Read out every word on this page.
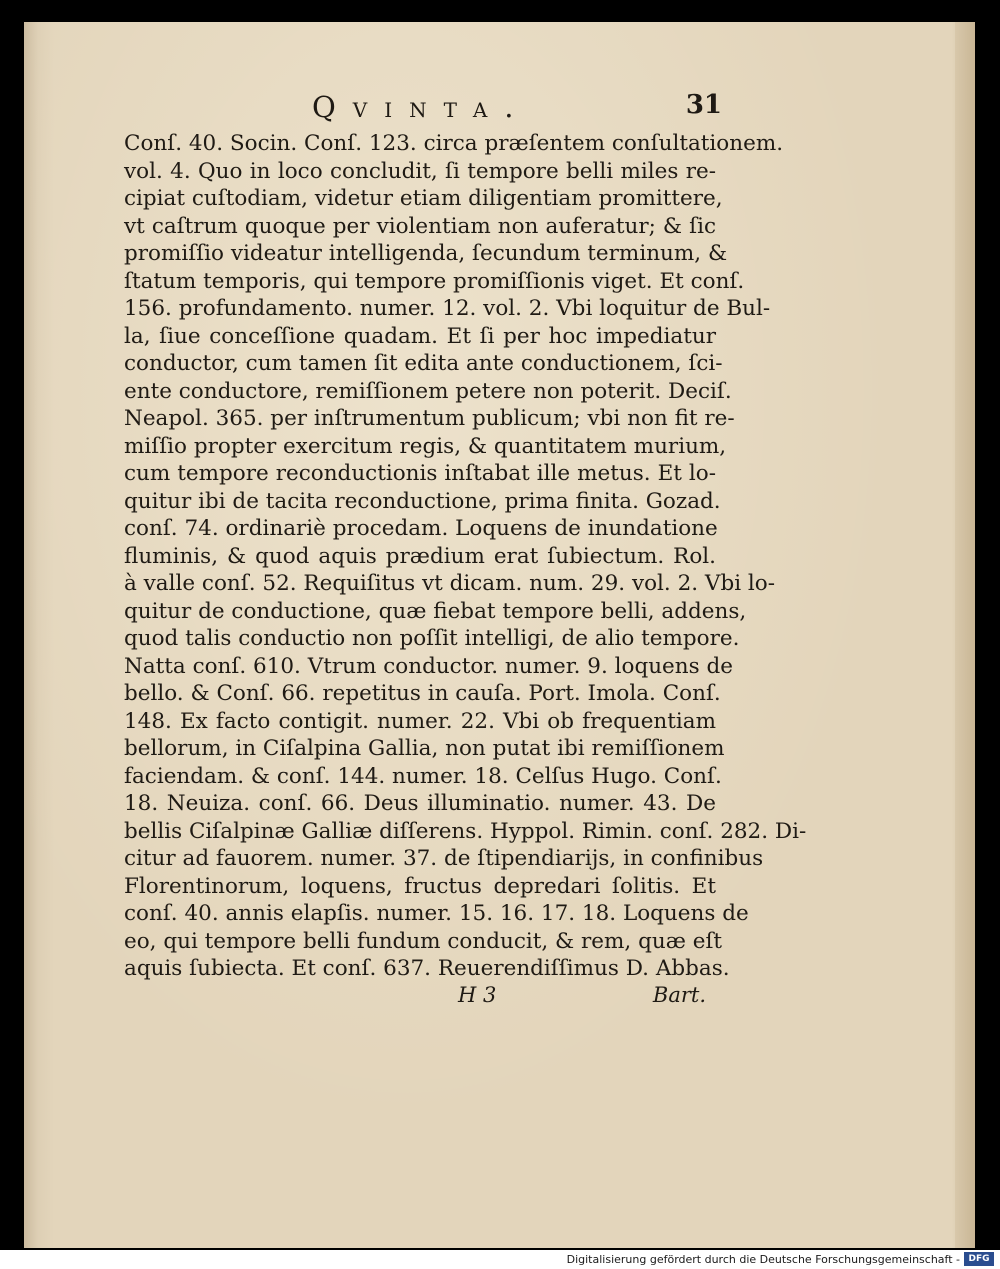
Qvinta.	31
Conſ. 40. Socin. Conſ. 123. circa præſentem conſultationem.
vol. 4. Quo in loco concludit, ſi tempore belli miles re-
cipiat cuſtodiam, videtur etiam diligentiam promittere,
vt caſtrum quoque per violentiam non auferatur; & ſic
promiſſio videatur intelligenda, ſecundum terminum, &
ſtatum temporis, qui tempore promiſſionis viget. Et conſ.
156. profundamento. numer. 12. vol. 2. Vbi loquitur de Bul-
la, ſiue conceſſione quadam. Et ſi per hoc impediatur
conductor, cum tamen ſit edita ante conductionem, ſci-
ente conductore, remiſſionem petere non poterit. Deciſ.
Neapol. 365. per inſtrumentum publicum; vbi non fit re-
miſſio propter exercitum regis, & quantitatem murium,
cum tempore reconductionis inſtabat ille metus. Et lo-
quitur ibi de tacita reconductione, prima finita. Gozad.
conſ. 74. ordinariè procedam. Loquens de inundatione
fluminis, & quod aquis prædium erat ſubiectum. Rol.
à valle conſ. 52. Requiſitus vt dicam. num. 29. vol. 2. Vbi lo-
quitur de conductione, quæ fiebat tempore belli, addens,
quod talis conductio non poſſit intelligi, de alio tempore.
Natta conſ. 610. Vtrum conductor. numer. 9. loquens de
bello. & Conſ. 66. repetitus in cauſa. Port. Imola. Conſ.
148. Ex facto contigit. numer. 22. Vbi ob frequentiam
bellorum, in Ciſalpina Gallia, non putat ibi remiſſionem
faciendam. & conſ. 144. numer. 18. Celſus Hugo. Conſ.
18. Neuiza. conſ. 66. Deus illuminatio. numer. 43. De
bellis Ciſalpinæ Galliæ diſſerens. Hyppol. Rimin. conſ. 282. Di-
citur ad fauorem. numer. 37. de ſtipendiarijs, in confinibus
Florentinorum, loquens, fructus depredari ſolitis. Et
conſ. 40. annis elapſis. numer. 15. 16. 17. 18. Loquens de
eo, qui tempore belli fundum conducit, & rem, quæ eſt
aquis ſubiecta. Et conſ. 637. Reuerendiſſimus D. Abbas.
H 3	Bart.
Digitalisierung gefördert durch die Deutsche Forschungsgemeinschaft - DFG
